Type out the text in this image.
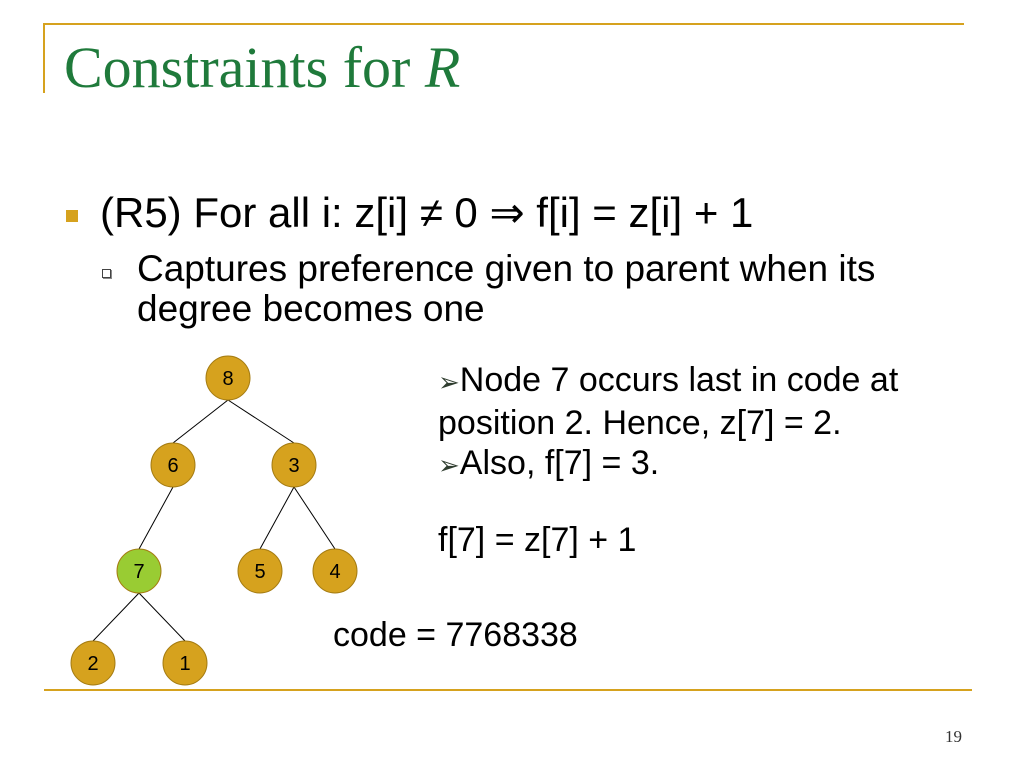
Constraints for R
(R5) For all i: z[i] ≠ 0 ⇒ f[i] = z[i] + 1
Captures preference given to parent when its degree becomes one
8
6	3
7	5	4
2	1
➢Node 7 occurs last in code at position 2. Hence, z[7] = 2.
➢Also, f[7] = 3.
f[7] = z[7] + 1
code = 7768338
19
